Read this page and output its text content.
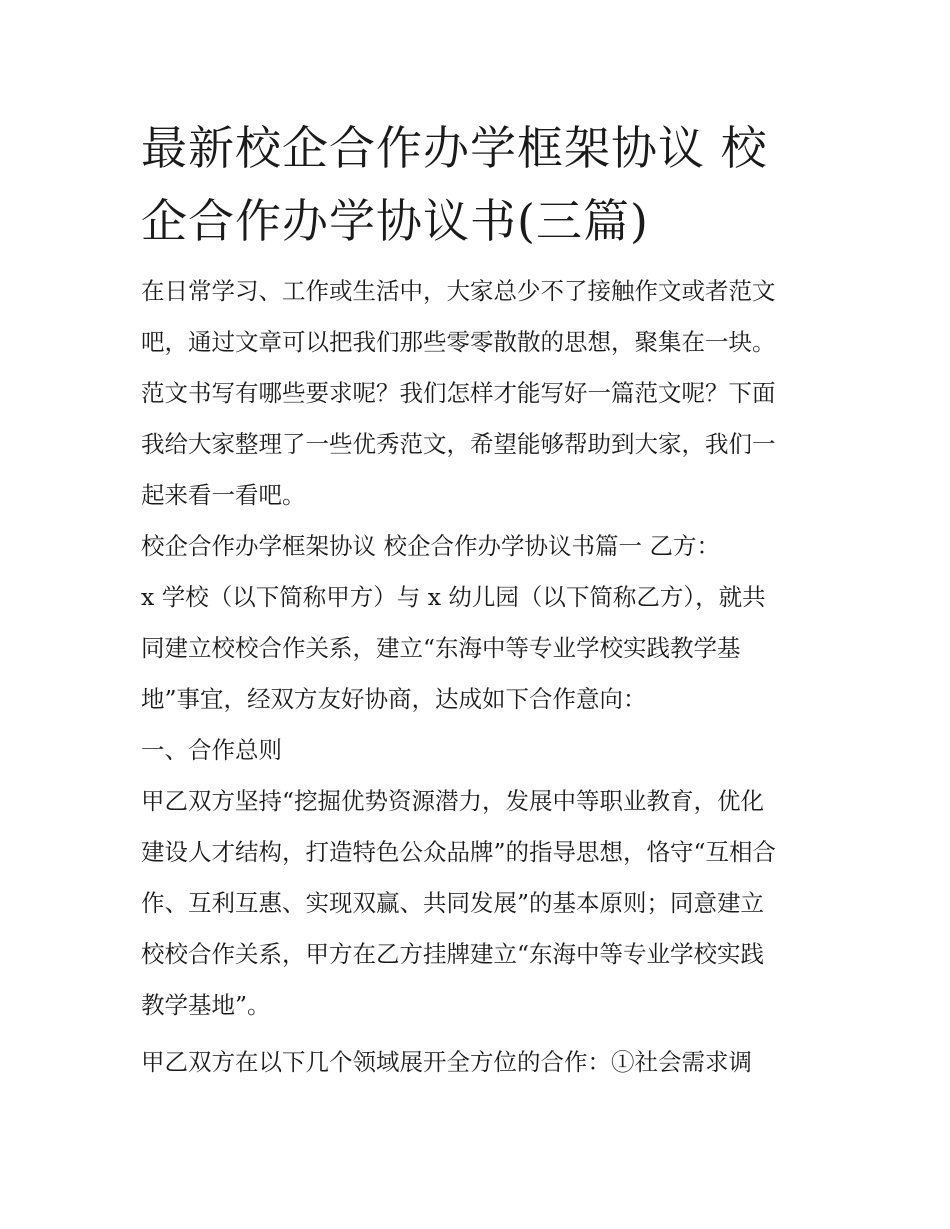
最新校企合作办学框架协议 校
企合作办学协议书(三篇)

在日常学习、工作或生活中，大家总少不了接触作文或者范文

吧，通过文章可以把我们那些零零散散的思想，聚集在一块。

范文书写有哪些要求呢？我们怎样才能写好一篇范文呢？下面

我给大家整理了一些优秀范文，希望能够帮助到大家，我们一

起来看一看吧。

校企合作办学框架协议 校企合作办学协议书篇一 乙方：

x 学校（以下简称甲方）与 x 幼儿园（以下简称乙方），就共

同建立校校合作关系，建立“东海中等专业学校实践教学基

地”事宜，经双方友好协商，达成如下合作意向：

一、合作总则

甲乙双方坚持“挖掘优势资源潜力，发展中等职业教育，优化

建设人才结构，打造特色公众品牌”的指导思想，恪守“互相合

作、互利互惠、实现双赢、共同发展”的基本原则；同意建立

校校合作关系，甲方在乙方挂牌建立“东海中等专业学校实践

教学基地”。

甲乙双方在以下几个领域展开全方位的合作：①社会需求调
